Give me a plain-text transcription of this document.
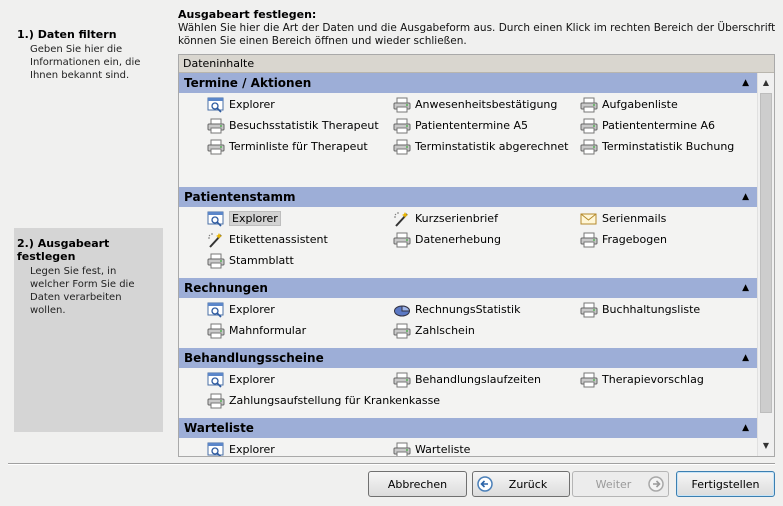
1.) Daten filtern
Geben Sie hier die Informationen ein, die Ihnen bekannt sind.
2.) Ausgabeart festlegen
Legen Sie fest, in welcher Form Sie die Daten verarbeiten wollen.
Ausgabeart festlegen:
Wählen Sie hier die Art der Daten und die Ausgabeform aus. Durch einen Klick im rechten Bereich der Überschrift können Sie einen Bereich öffnen und wieder schließen.
Dateninhalte
Termine / Aktionen	▲
Explorer	Anwesenheitsbestätigung	Aufgabenliste
Besuchsstatistik Therapeut	Patiententermine A5	Patiententermine A6
Terminliste für Therapeut	Terminstatistik abgerechnet	Terminstatistik Buchung
Patientenstamm	▲
Explorer	Kurzserienbrief	Serienmails
Etikettenassistent	Datenerhebung	Fragebogen
Stammblatt
Rechnungen	▲
Explorer	RechnungsStatistik	Buchhaltungsliste
Mahnformular	Zahlschein
Behandlungsscheine	▲
Explorer	Behandlungslaufzeiten	Therapievorschlag
Zahlungsaufstellung für Krankenkasse
Warteliste	▲
Explorer	Warteliste
▲
▼
Abbrechen	Zurück	Weiter	Fertigstellen
